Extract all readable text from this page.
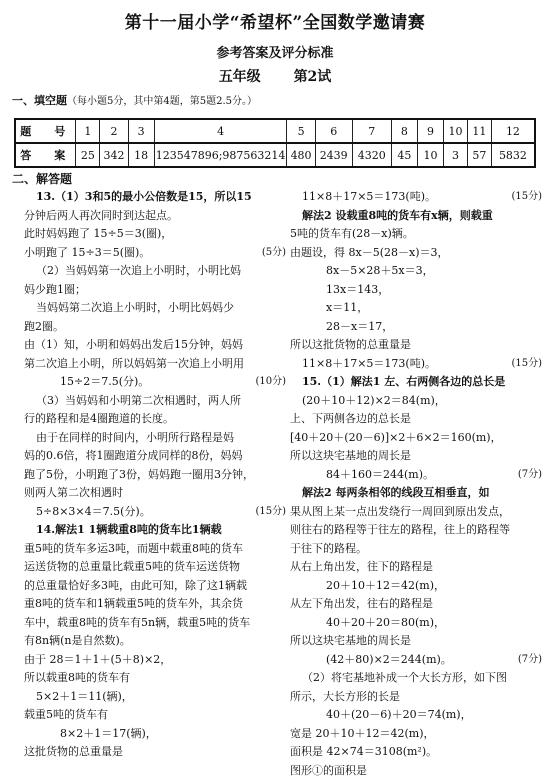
第十一届小学“希望杯”全国数学邀请赛
参考答案及评分标准
五年级 第2试
一、填空题（每小题5分，其中第4题，第5题2.5分。）
题　号	1	2	3	4	5	6	7	8	9	10	11	12
答　案	25	342	18	123547896;987563214	480	2439	4320	45	10	3	57	5832
二、解答题
13.（1）3和5的最小公倍数是15，所以15
分钟后两人再次同时到达起点。
此时妈妈跑了 15÷5＝3(圈)，
小明跑了 15÷3＝5(圈)。	(5分)
（2）当妈妈第一次追上小明时，小明比妈
妈少跑1圈；
当妈妈第二次追上小明时，小明比妈妈少
跑2圈。
由（1）知，小明和妈妈出发后15分钟，妈妈
第二次追上小明，所以妈妈第一次追上小明用
15÷2＝7.5(分)。	(10分)
（3）当妈妈和小明第二次相遇时，两人所
行的路程和是4圈跑道的长度。
由于在同样的时间内，小明所行路程是妈
妈的0.6倍，将1圈跑道分成同样的8份，妈妈
跑了5份，小明跑了3份，妈妈跑一圈用3分钟，
则两人第二次相遇时
5÷8×3×4＝7.5(分)。	(15分)
14.解法1 1辆载重8吨的货车比1辆载
重5吨的货车多运3吨，而题中载重8吨的货车
运送货物的总重量比载重5吨的货车运送货物
的总重量恰好多3吨，由此可知，除了这1辆载
重8吨的货车和1辆载重5吨的货车外，其余货
车中，载重8吨的货车有5n辆，载重5吨的货车
有8n辆(n是自然数)。
由于 28＝1＋1＋(5＋8)×2，
所以载重8吨的货车有
5×2＋1＝11(辆)，
载重5吨的货车有
8×2＋1＝17(辆)，
这批货物的总重量是
11×8＋17×5＝173(吨)。	(15分)
解法2 设载重8吨的货车有x辆，则载重
5吨的货车有(28－x)辆。
由题设，得 8x－5(28－x)＝3，
8x－5×28＋5x＝3，
13x＝143，
x＝11，
28－x＝17，
所以这批货物的总重量是
11×8＋17×5＝173(吨)。	(15分)
15.（1）解法1 左、右两侧各边的总长是
(20＋10＋12)×2＝84(m)，
上、下两侧各边的总长是
[40＋20＋(20－6)]×2＋6×2＝160(m)，
所以这块宅基地的周长是
84＋160＝244(m)。	(7分)
解法2 每两条相邻的线段互相垂直，如
果从图上某一点出发绕行一周回到原出发点，
则往右的路程等于往左的路程，往上的路程等
于往下的路程。
从右上角出发，往下的路程是
20＋10＋12＝42(m)，
从左下角出发，往右的路程是
40＋20＋20＝80(m)，
所以这块宅基地的周长是
(42＋80)×2＝244(m)。	(7分)
（2）将宅基地补成一个大长方形，如下图
所示，大长方形的长是
40＋(20－6)＋20＝74(m)，
宽是 20＋10＋12＝42(m)，
面积是 42×74＝3108(m²)。
图形①的面积是
